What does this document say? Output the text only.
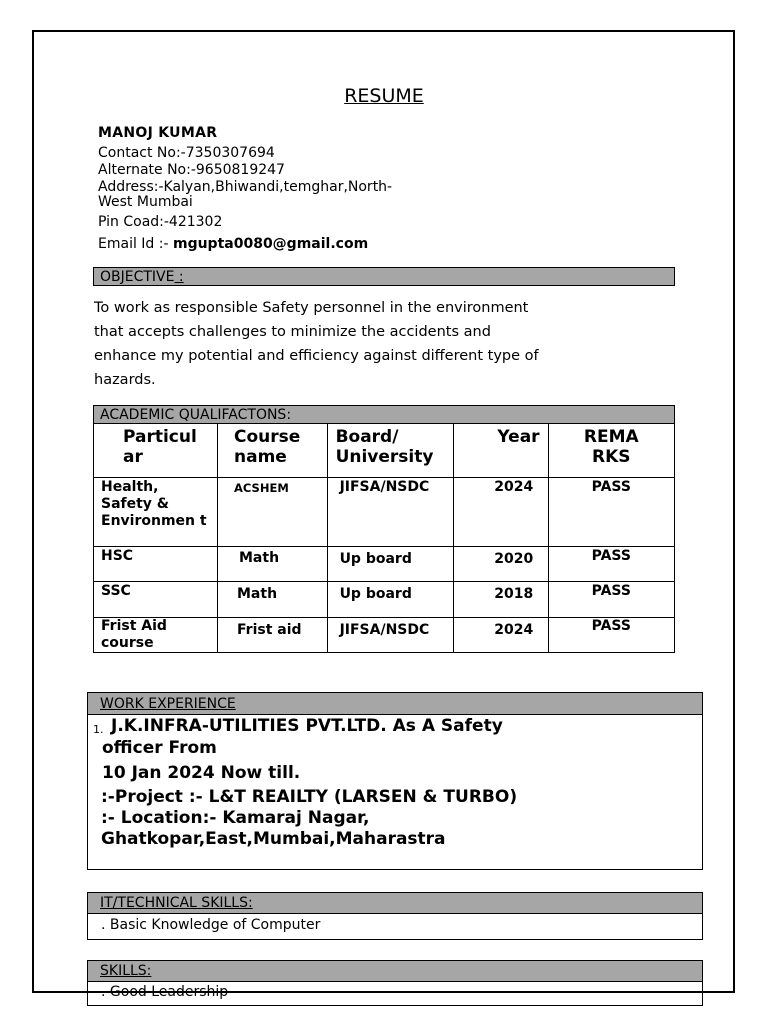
RESUME
MANOJ KUMAR
Contact No:-7350307694
Alternate No:-9650819247
Address:-Kalyan,Bhiwandi,temghar,North-
West Mumbai
Pin Coad:-421302
Email Id :- mgupta0080@gmail.com
OBJECTIVE :
To work as responsible Safety personnel in the environment
that accepts challenges to minimize the accidents and
enhance my potential and efficiency against different type of
hazards.
ACADEMIC QUALIFACTONS:
Particul ar	Course name	Board/ University	Year	REMA RKS
Health, Safety & Environmen t	ACSHEM	JIFSA/NSDC	2024	PASS
HSC	Math	Up board	2020	PASS
SSC	Math	Up board	2018	PASS
Frist Aid course	Frist aid	JIFSA/NSDC	2024	PASS
WORK EXPERIENCE
1. J.K.INFRA-UTILITIES PVT.LTD. As A Safety
officer From
10 Jan 2024 Now till.
:-Project :- L&T REAILTY (LARSEN & TURBO)
:- Location:- Kamaraj Nagar,
Ghatkopar,East,Mumbai,Maharastra
IT/TECHNICAL SKILLS:
. Basic Knowledge of Computer
SKILLS:
. Good Leadership
